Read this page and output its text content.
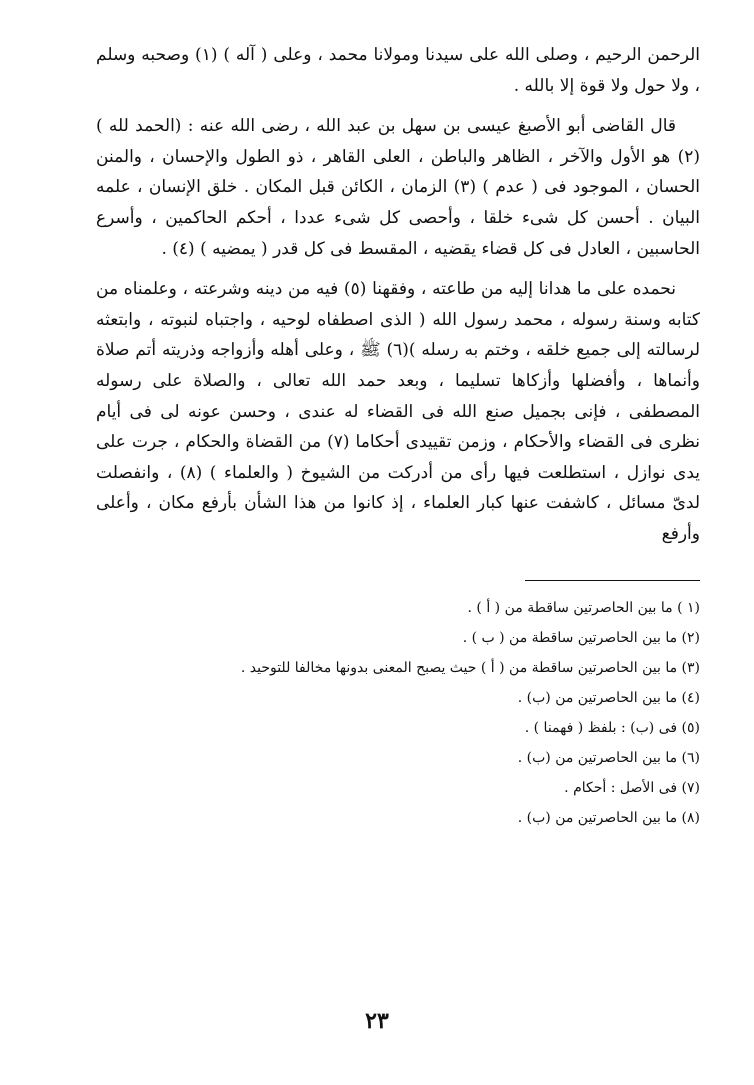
الرحمن الرحيم ، وصلى الله على سيدنا ومولانا محمد ، وعلى ( آله ) (١) وصحبه وسلم ، ولا حول ولا قوة إلا بالله .

قال القاضى أبو الأصبغ عيسى بن سهل بن عبد الله ، رضى الله عنه : (الحمد لله ) (٢) هو الأول والآخر ، الظاهر والباطن ، العلى القاهر ، ذو الطول والإحسان ، والمنن الحسان ، الموجود فى ( عدم ) (٣) الزمان ، الكائن قبل المكان . خلق الإنسان ، علمه البيان . أحسن كل شىء خلقا ، وأحصى كل شىء عددا ، أحكم الحاكمين ، وأسرع الحاسبين ، العادل فى كل قضاء يقضيه ، المقسط فى كل قدر ( يمضيه ) (٤) .

نحمده على ما هدانا إليه من طاعته ، وفقهنا (٥) فيه من دينه وشرعته ، وعلمناه من كتابه وسنة رسوله ، محمد رسول الله ( الذى اصطفاه لوحيه ، واجتباه لنبوته ، وابتعثه لرسالته إلى جميع خلقه ، وختم به رسله )(٦) ﷺ ، وعلى أهله وأزواجه وذريته أتم صلاة وأنماها ، وأفضلها وأزكاها تسليما ، وبعد حمد الله تعالى ، والصلاة على رسوله المصطفى ، فإنى بجميل صنع الله فى القضاء له عندى ، وحسن عونه لى فى أيام نظرى فى القضاء والأحكام ، وزمن تقييدى أحكاما (٧) من القضاة والحكام ، جرت على يدى نوازل ، استطلعت فيها رأى من أدركت من الشيوخ ( والعلماء ) (٨) ، وانفصلت لدىّ مسائل ، كاشفت عنها كبار العلماء ، إذ كانوا من هذا الشأن بأرفع مكان ، وأعلى وأرفع

(١ ) ما بين الحاصرتين ساقطة من ( أ ) .
(٢) ما بين الحاصرتين ساقطة من ( ب ) .
(٣) ما بين الحاصرتين ساقطة من ( أ ) حيث يصبح المعنى بدونها مخالفا للتوحيد .
(٤) ما بين الحاصرتين من (ب) .
(٥) فى (ب) : بلفظ ( فهمنا ) .
(٦) ما بين الحاصرتين من (ب) .
(٧) فى الأصل : أحكام .
(٨) ما بين الحاصرتين من (ب) .
٢٣
